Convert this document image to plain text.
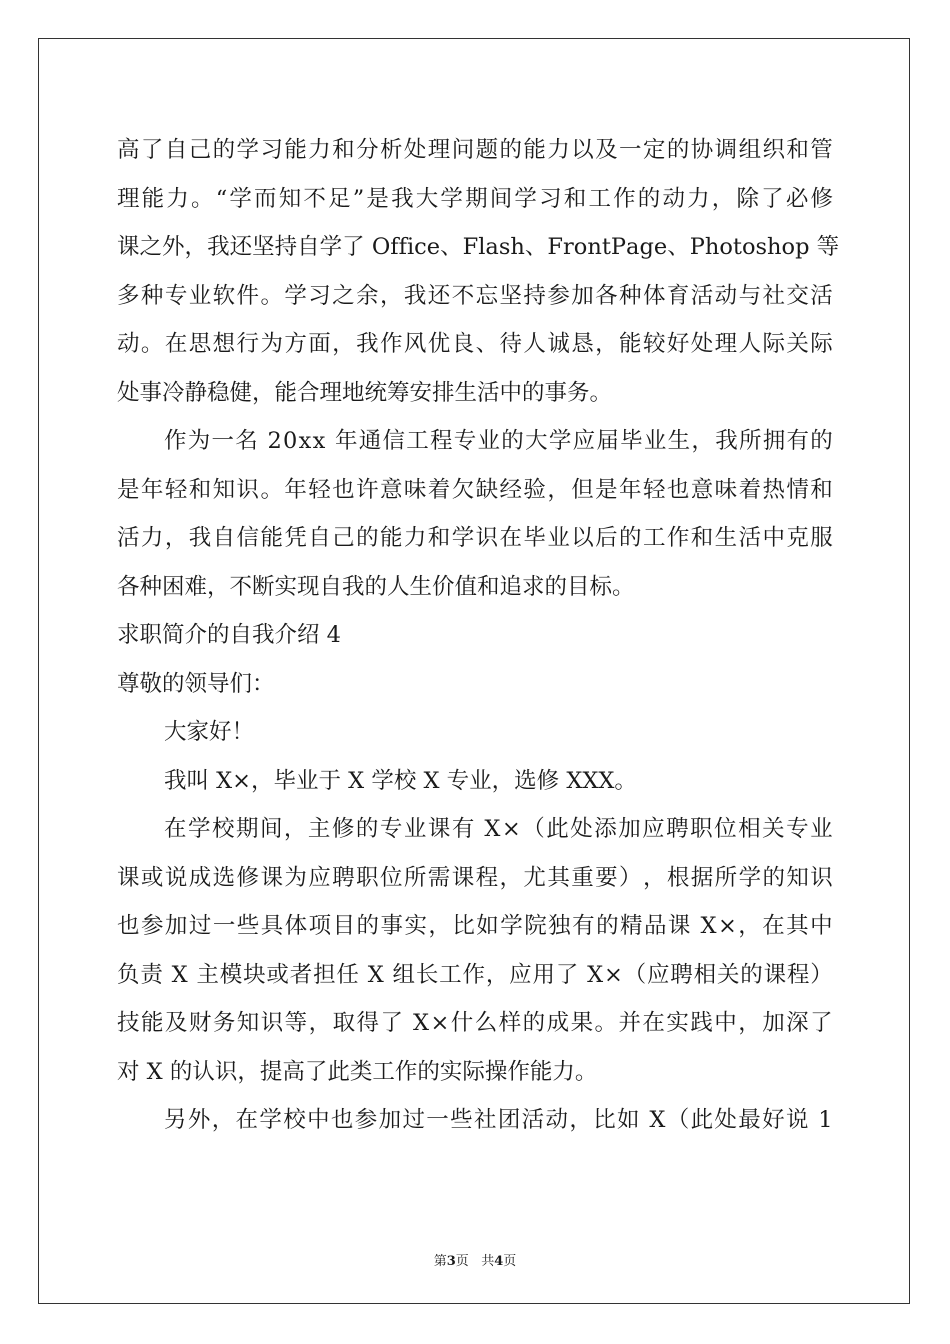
高 了 自 己 的 学 习 能 力 和 分 析 处 理 问 题 的 能 力 以 及 一 定 的 协 调 组 织 和 管
理 能 力 。 “ 学 而 知 不 足 ” 是 我 大 学 期 间 学 习 和 工 作 的 动 力 ， 除 了 必 修
课 之 外 ， 我 还 坚 持 自 学 了
O f f i c e 、 F l a s h 、 F r o n t P a g e 、 P h o t o s h o p
等
多 种 专 业 软 件 。 学 习 之 余 ， 我 还 不 忘 坚 持 参 加 各 种 体 育 活 动 与 社 交 活
动 。 在 思 想 行 为 方 面 ， 我 作 风 优 良 、 待 人 诚 恳 ， 能 较 好 处 理 人 际 关 际
处事冷静稳健，能合理地统筹安排生活中的事务。
作 为 一 名
2 0 x x
年 通 信 工 程 专 业 的 大 学 应 届 毕 业 生 ， 我 所 拥 有 的
是 年 轻 和 知 识 。 年 轻 也 许 意 味 着 欠 缺 经 验 ， 但 是 年 轻 也 意 味 着 热 情 和
活 力 ， 我 自 信 能 凭 自 己 的 能 力 和 学 识 在 毕 业 以 后 的 工 作 和 生 活 中 克 服
各种困难，不断实现自我的人生价值和追求的目标。
求职简介的自我介绍 4
尊敬的领导们：
大家好！
我叫 X×，毕业于 X 学校 X 专业，选修 XXX。
在 学 校 期 间 ， 主 修 的 专 业 课 有
X × （ 此 处 添 加 应 聘 职 位 相 关 专 业
课 或 说 成 选 修 课 为 应 聘 职 位 所 需 课 程 ， 尤 其 重 要 ） ， 根 据 所 学 的 知 识
也 参 加 过 一 些 具 体 项 目 的 事 实 ， 比 如 学 院 独 有 的 精 品 课
X × ， 在 其 中
负 责
X
主 模 块 或 者 担 任
X
组 长 工 作 ， 应 用 了
X × （ 应 聘 相 关 的 课 程 ）
技 能 及 财 务 知 识 等 ， 取 得 了
X × 什 么 样 的 成 果 。 并 在 实 践 中 ， 加 深 了
对 X 的认识，提高了此类工作的实际操作能力。
另 外 ， 在 学 校 中 也 参 加 过 一 些 社 团 活 动 ， 比 如
X （ 此 处 最 好 说
1
第3页 共4页
